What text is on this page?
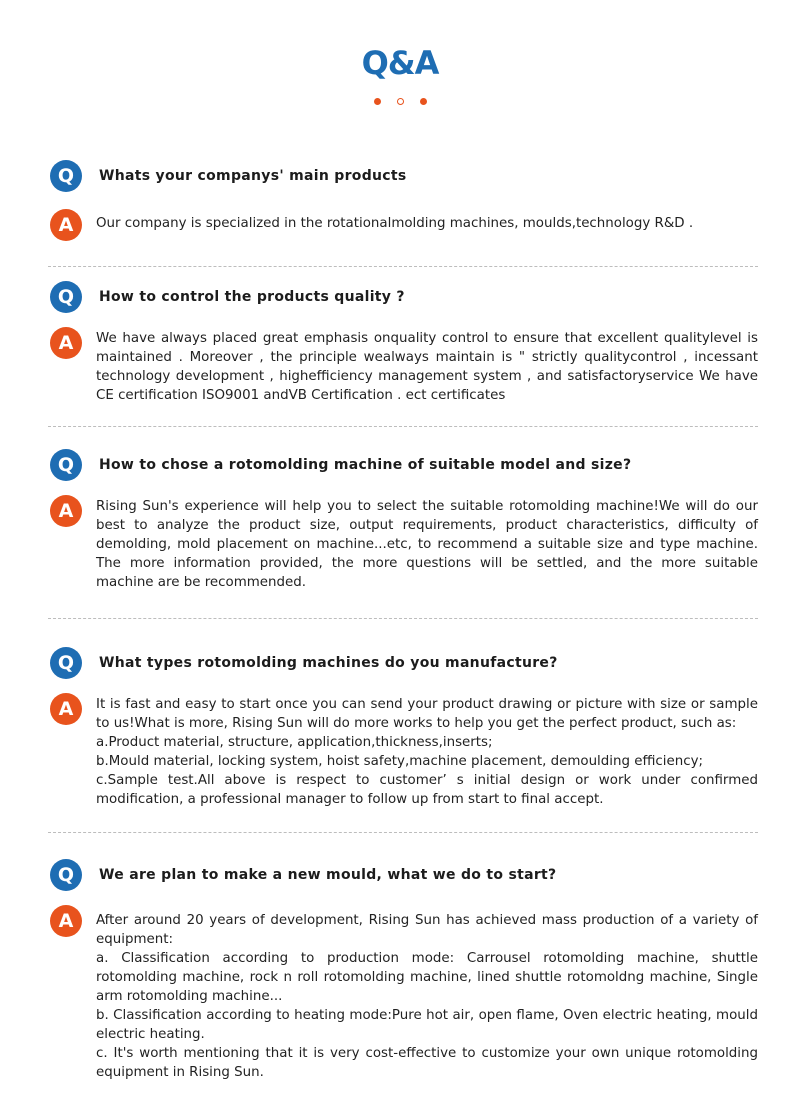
Q&A
Q	Whats your companys' main products
A	Our company is specialized in the rotationalmolding machines, moulds,technology R&D .
Q	How to control the products quality ?
A	We have always placed great emphasis onquality control to ensure that excellent qualitylevel is maintained . Moreover , the principle wealways maintain is " strictly qualitycontrol , incessant technology development , highefficiency management system , and satisfactoryservice We have CE certification ISO9001 andVB Certification . ect certificates
Q	How to chose a rotomolding machine of suitable model and size?
A	Rising Sun's experience will help you to select the suitable rotomolding machine!We will do our best to analyze the product size, output requirements, product characteristics, difficulty of demolding, mold placement on machine...etc, to recommend a suitable size and type machine. The more information provided, the more questions will be settled, and the more suitable machine are be recommended.
Q	What types rotomolding machines do you manufacture?
A	It is fast and easy to start once you can send your product drawing or picture with size or sample to us!What is more, Rising Sun will do more works to help you get the perfect product, such as:
a.Product material, structure, application,thickness,inserts;
b.Mould material, locking system, hoist safety,machine placement, demoulding efficiency;
c.Sample test.All above is respect to customer’ s initial design or work under confirmed modification, a professional manager to follow up from start to final accept.
Q	We are plan to make a new mould, what we do to start?
A	After around 20 years of development, Rising Sun has achieved mass production of a variety of equipment:
a. Classification according to production mode: Carrousel rotomolding machine, shuttle rotomolding machine, rock n roll rotomolding machine, lined shuttle rotomoldng machine, Single arm rotomolding machine...
b. Classification according to heating mode:Pure hot air, open flame, Oven electric heating, mould electric heating.
c. It's worth mentioning that it is very cost-effective to customize your own unique rotomolding equipment in Rising Sun.
